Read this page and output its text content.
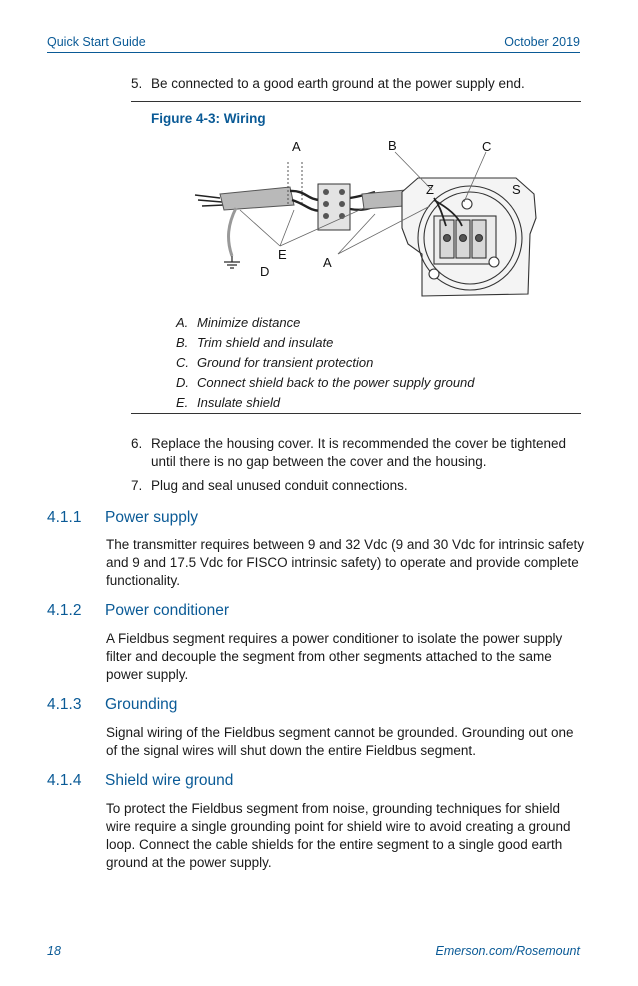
Quick Start Guide	October 2019
5. Be connected to a good earth ground at the power supply end.
Figure 4-3: Wiring
Z	S
A	B	C
E
A
D
A. Minimize distance
B. Trim shield and insulate
C. Ground for transient protection
D. Connect shield back to the power supply ground
E. Insulate shield
6. Replace the housing cover. It is recommended the cover be tightened until there is no gap between the cover and the housing.
7. Plug and seal unused conduit connections.
4.1.1 Power supply
The transmitter requires between 9 and 32 Vdc (9 and 30 Vdc for intrinsic safety and 9 and 17.5 Vdc for FISCO intrinsic safety) to operate and provide complete functionality.
4.1.2 Power conditioner
A Fieldbus segment requires a power conditioner to isolate the power supply filter and decouple the segment from other segments attached to the same power supply.
4.1.3 Grounding
Signal wiring of the Fieldbus segment cannot be grounded. Grounding out one of the signal wires will shut down the entire Fieldbus segment.
4.1.4 Shield wire ground
To protect the Fieldbus segment from noise, grounding techniques for shield wire require a single grounding point for shield wire to avoid creating a ground loop. Connect the cable shields for the entire segment to a single good earth ground at the power supply.
18	Emerson.com/Rosemount
